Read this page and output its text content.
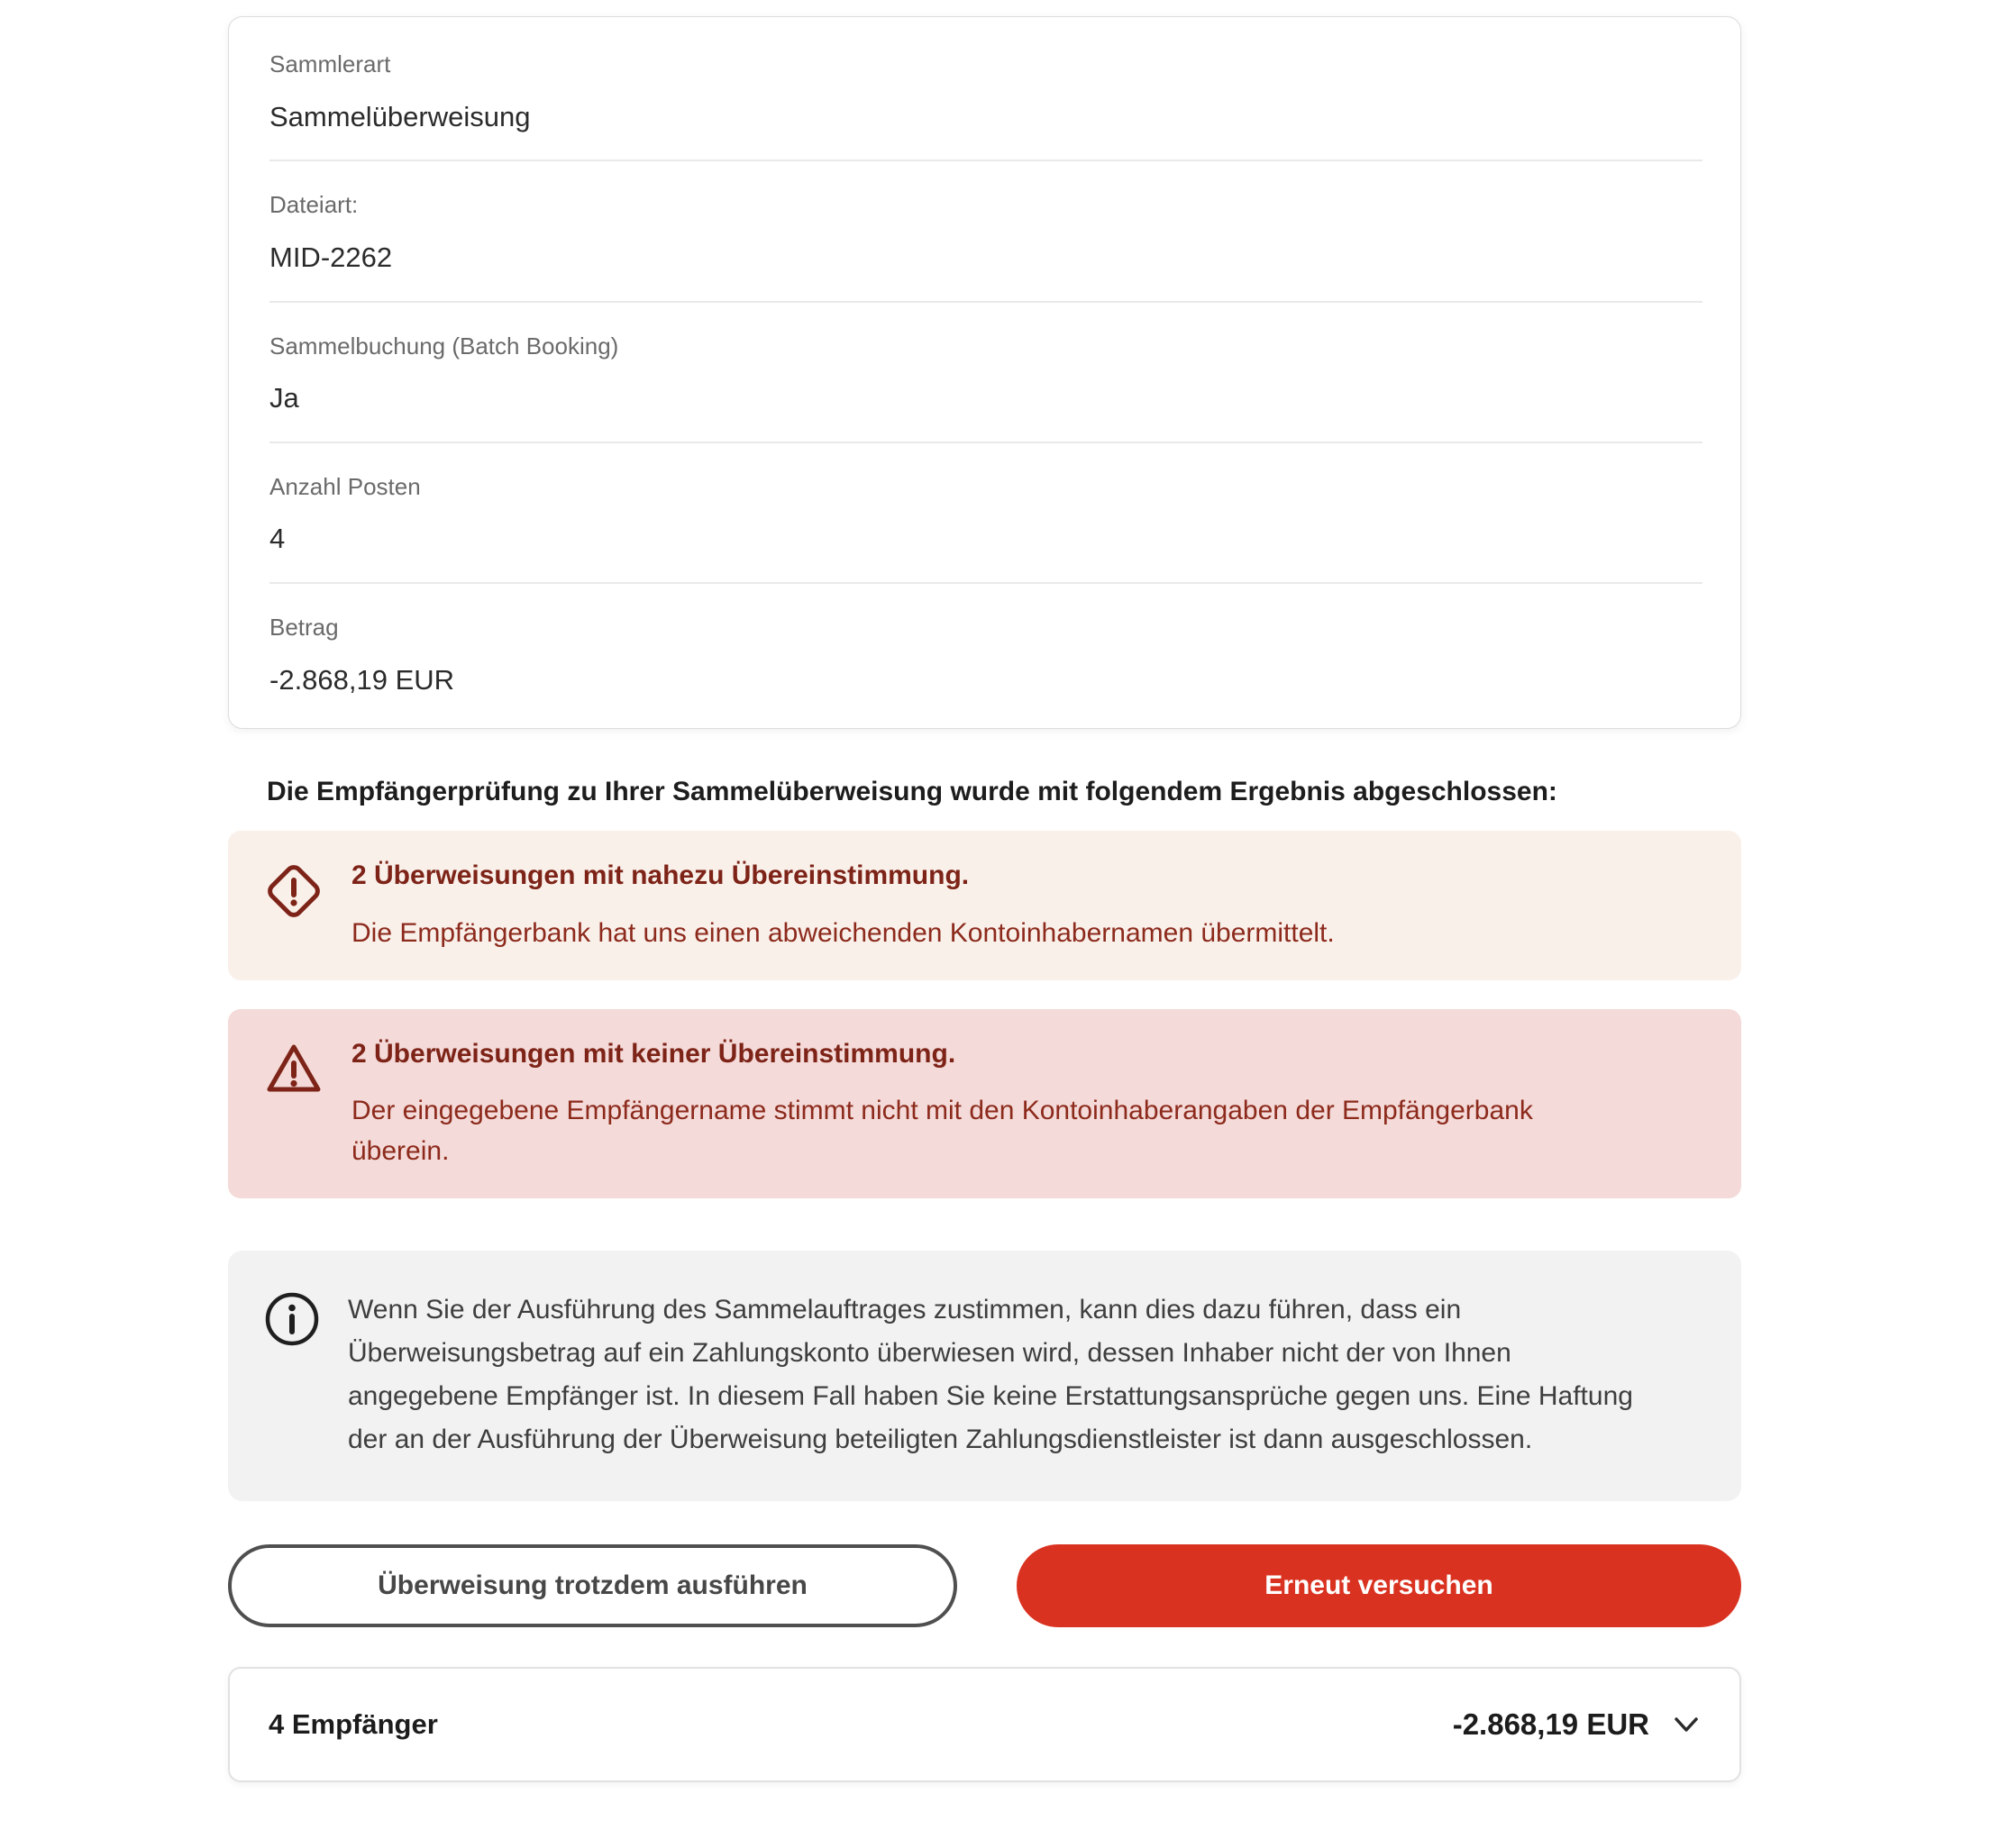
Sammlerart
Sammelüberweisung
Dateiart:
MID-2262
Sammelbuchung (Batch Booking)
Ja
Anzahl Posten
4
Betrag
-2.868,19 EUR

Die Empfängerprüfung zu Ihrer Sammelüberweisung wurde mit folgendem Ergebnis abgeschlossen:

2 Überweisungen mit nahezu Übereinstimmung.
Die Empfängerbank hat uns einen abweichenden Kontoinhabernamen übermittelt.
2 Überweisungen mit keiner Übereinstimmung.
Der eingegebene Empfängername stimmt nicht mit den Kontoinhaberangaben der Empfängerbank überein.

Wenn Sie der Ausführung des Sammelauftrages zustimmen, kann dies dazu führen, dass ein Überweisungsbetrag auf ein Zahlungskonto überwiesen wird, dessen Inhaber nicht der von Ihnen angegebene Empfänger ist. In diesem Fall haben Sie keine Erstattungsansprüche gegen uns. Eine Haftung der an der Ausführung der Überweisung beteiligten Zahlungsdienstleister ist dann ausgeschlossen.

Überweisung trotzdem ausführen	Erneut versuchen
4 Empfänger	-2.868,19 EUR
